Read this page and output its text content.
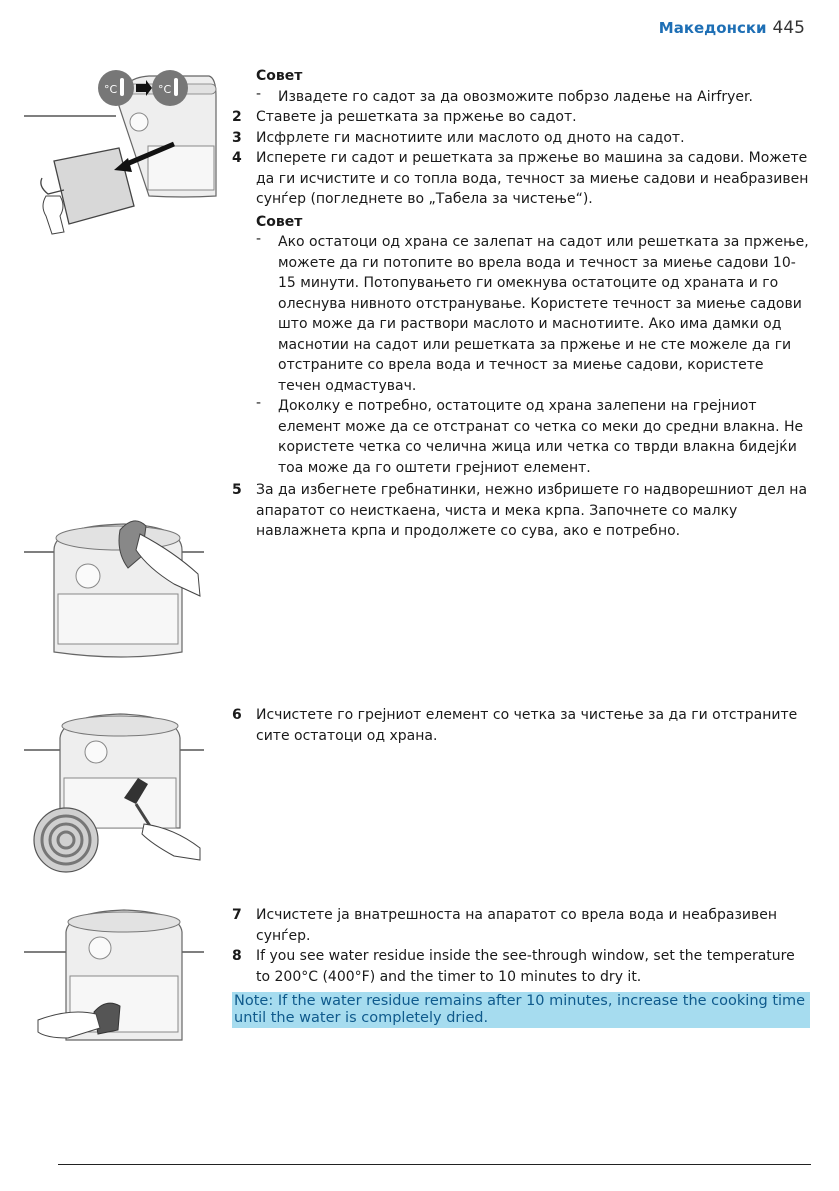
Македонски 445
°C	°C
Совет
- Извадете го садот за да овозможите побрзо ладење на Airfryer.
2 Ставете ја решетката за пржење во садот.
3 Исфрлете ги маснотиите или маслото од дното на садот.
4 Исперете ги садот и решетката за пржење во машина за садови. Можете да ги исчистите и со топла вода, течност за миење садови и неабразивен сунѓер (погледнете во „Табела за чистење“).
Совет
- Ако остатоци од храна се залепат на садот или решетката за пржење, можете да ги потопите во врела вода и течност за миење садови 10-15 минути. Потопувањето ги омекнува остатоците од храната и го олеснува нивното отстранување. Користете течност за миење садови што може да ги раствори маслото и маснотиите. Ако има дамки од маснотии на садот или решетката за пржење и не сте можеле да ги отстраните со врела вода и течност за миење садови, користете течен одмастувач.
- Доколку е потребно, остатоците од храна залепени на грејниот елемент може да се отстранат со четка со меки до средни влакна. Не користете четка со челична жица или четка со тврди влакна бидејќи тоа може да го оштети грејниот елемент.
5 За да избегнете гребнатинки, нежно избришете го надворешниот дел на апаратот со неисткаена, чиста и мека крпа. Започнете со малку навлажнета крпа и продолжете со сува, ако е потребно.
6 Исчистете го грејниот елемент со четка за чистење за да ги отстраните сите остатоци од храна.
7 Исчистете ја внатрешноста на апаратот со врела вода и неабразивен сунѓер.
8 If you see water residue inside the see-through window, set the temperature to 200°C (400°F) and the timer to 10 minutes to dry it.
Note: If the water residue remains after 10 minutes, increase the cooking time until the water is completely dried.
